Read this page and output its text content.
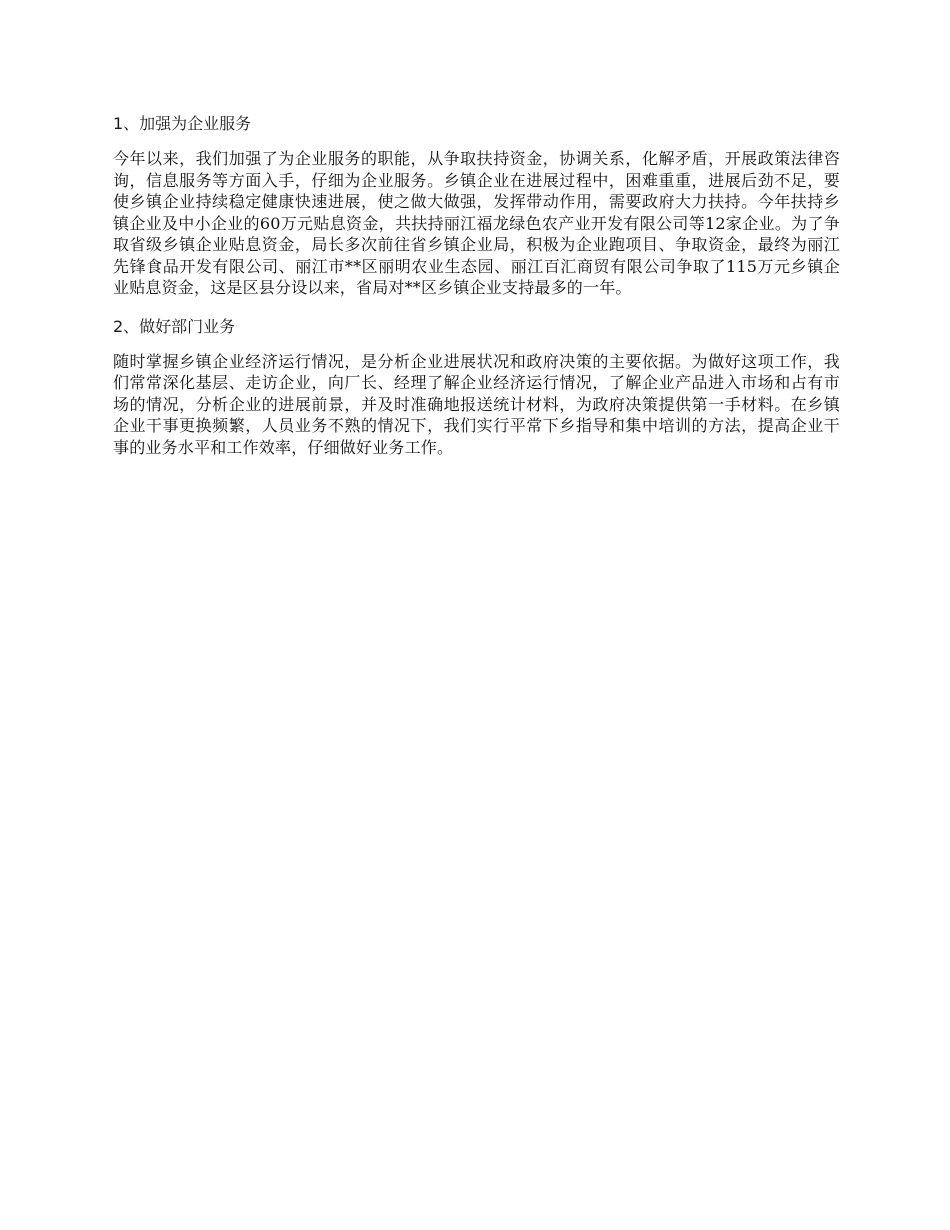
1、加强为企业服务

今年以来，我们加强了为企业服务的职能，从争取扶持资金，协调关系，化解矛盾，开展政策法律咨询，信息服务等方面入手，仔细为企业服务。乡镇企业在进展过程中，困难重重，进展后劲不足，要使乡镇企业持续稳定健康快速进展，使之做大做强，发挥带动作用，需要政府大力扶持。今年扶持乡镇企业及中小企业的60万元贴息资金，共扶持丽江福龙绿色农产业开发有限公司等12家企业。为了争取省级乡镇企业贴息资金，局长多次前往省乡镇企业局，积极为企业跑项目、争取资金，最终为丽江先锋食品开发有限公司、丽江市**区丽明农业生态园、丽江百汇商贸有限公司争取了115万元乡镇企业贴息资金，这是区县分设以来，省局对**区乡镇企业支持最多的一年。

2、做好部门业务

随时掌握乡镇企业经济运行情况，是分析企业进展状况和政府决策的主要依据。为做好这项工作，我们常常深化基层、走访企业，向厂长、经理了解企业经济运行情况，了解企业产品进入市场和占有市场的情况，分析企业的进展前景，并及时准确地报送统计材料，为政府决策提供第一手材料。在乡镇企业干事更换频繁，人员业务不熟的情况下，我们实行平常下乡指导和集中培训的方法，提高企业干事的业务水平和工作效率，仔细做好业务工作。
